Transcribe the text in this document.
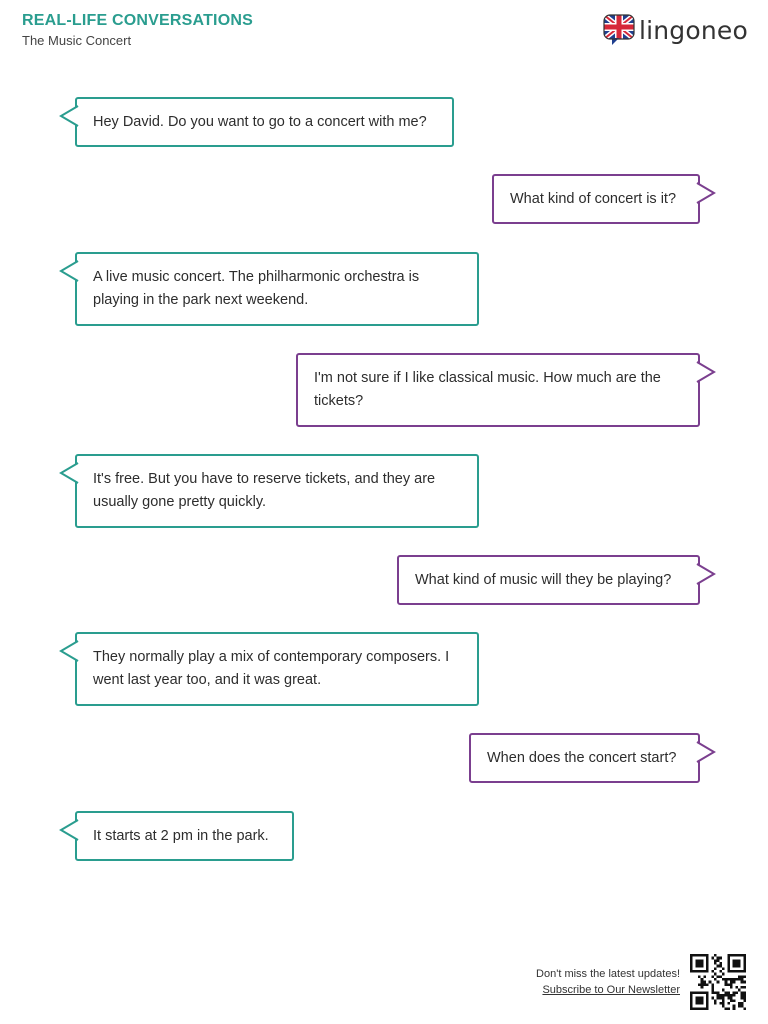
REAL-LIFE CONVERSATIONS
The Music Concert	lingoneo
Hey David. Do you want to go to a concert with me?
What kind of concert is it?
A live music concert. The philharmonic orchestra is playing in the park next weekend.
I'm not sure if I like classical music. How much are the tickets?
It's free. But you have to reserve tickets, and they are usually gone pretty quickly.
What kind of music will they be playing?
They normally play a mix of contemporary composers. I went last year too, and it was great.
When does the concert start?
It starts at 2 pm in the park.
Don't miss the latest updates!
Subscribe to Our Newsletter
